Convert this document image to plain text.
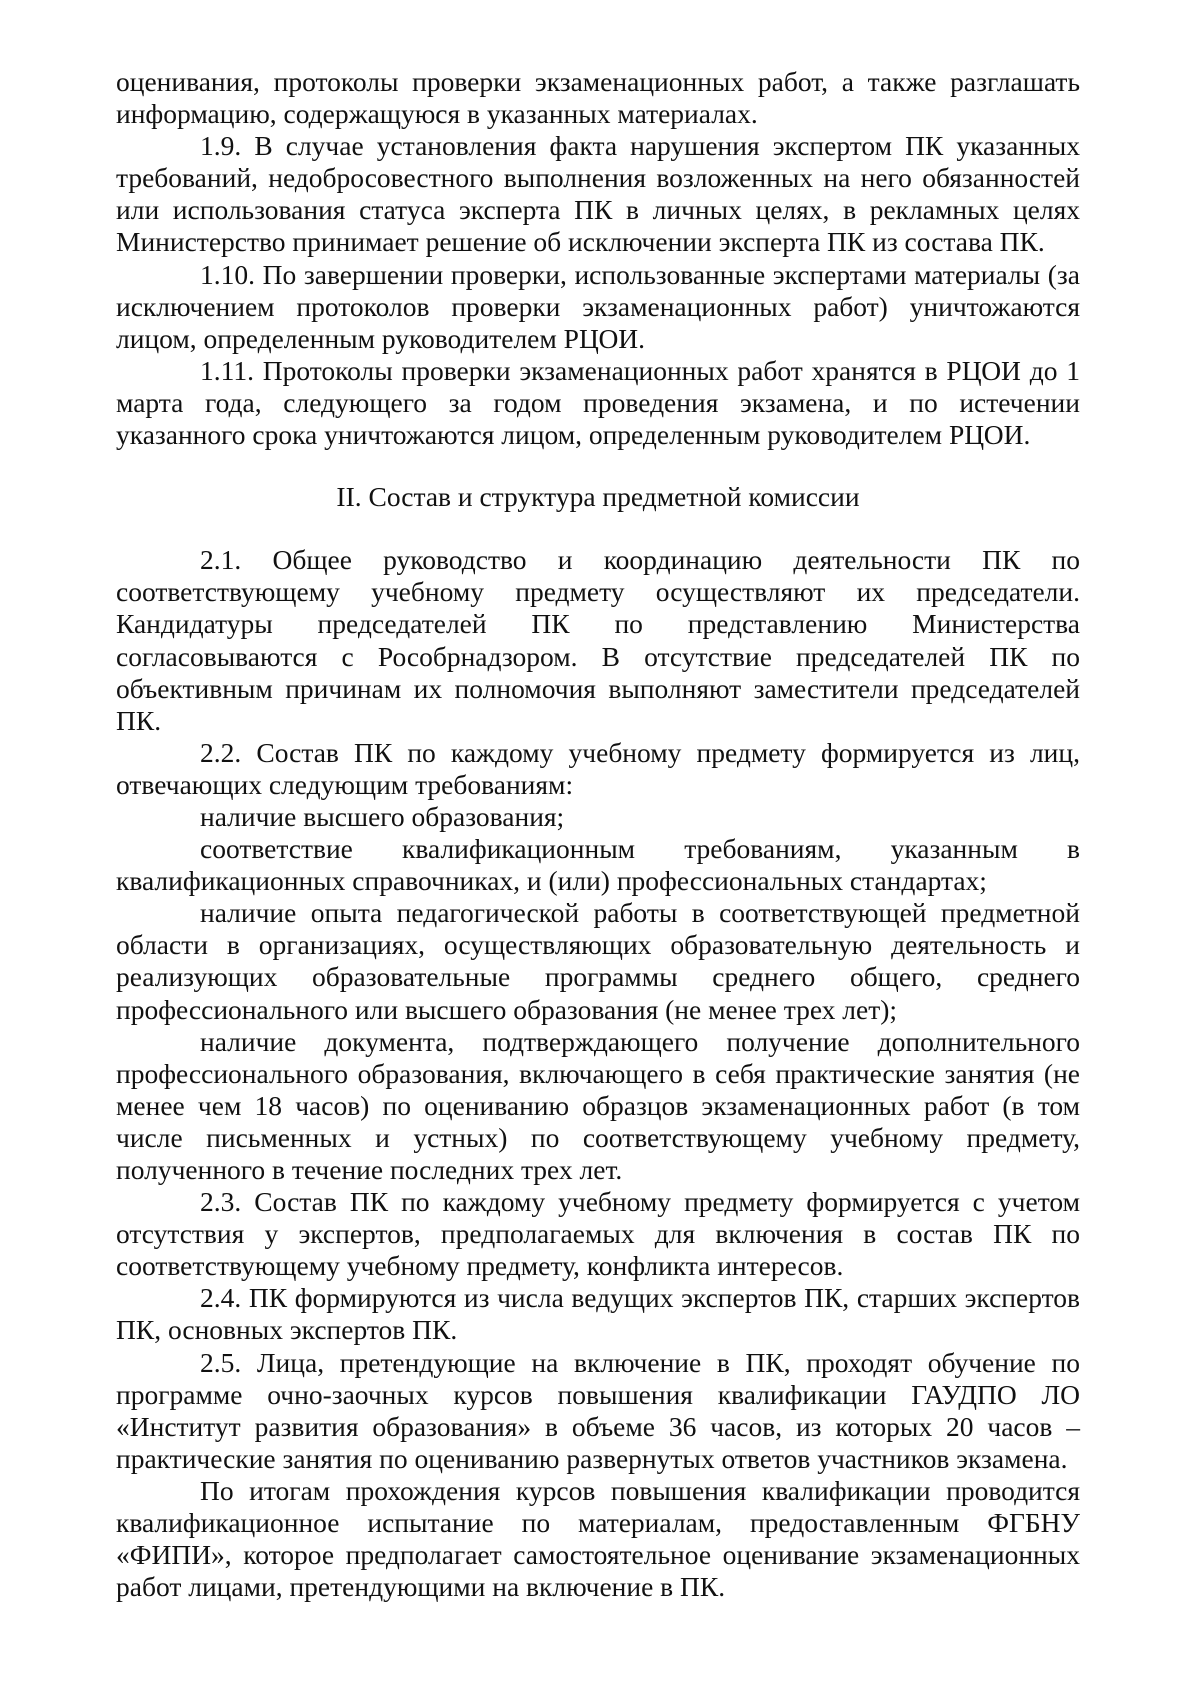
оценивания, протоколы проверки экзаменационных работ, а также разглашать информацию, содержащуюся в указанных материалах.

1.9. В случае установления факта нарушения экспертом ПК указанных требований, недобросовестного выполнения возложенных на него обязанностей или использования статуса эксперта ПК в личных целях, в рекламных целях Министерство принимает решение об исключении эксперта ПК из состава ПК.

1.10. По завершении проверки, использованные экспертами материалы (за исключением протоколов проверки экзаменационных работ) уничтожаются лицом, определенным руководителем РЦОИ.

1.11. Протоколы проверки экзаменационных работ хранятся в РЦОИ до 1 марта года, следующего за годом проведения экзамена, и по истечении указанного срока уничтожаются лицом, определенным руководителем РЦОИ.

II. Состав и структура предметной комиссии

2.1. Общее руководство и координацию деятельности ПК по соответствующему учебному предмету осуществляют их председатели. Кандидатуры председателей ПК по представлению Министерства согласовываются с Рособрнадзором. В отсутствие председателей ПК по объективным причинам их полномочия выполняют заместители председателей ПК.

2.2. Состав ПК по каждому учебному предмету формируется из лиц, отвечающих следующим требованиям:

наличие высшего образования;

соответствие квалификационным требованиям, указанным в квалификационных справочниках, и (или) профессиональных стандартах;

наличие опыта педагогической работы в соответствующей предметной области в организациях, осуществляющих образовательную деятельность и реализующих образовательные программы среднего общего, среднего профессионального или высшего образования (не менее трех лет);

наличие документа, подтверждающего получение дополнительного профессионального образования, включающего в себя практические занятия (не менее чем 18 часов) по оцениванию образцов экзаменационных работ (в том числе письменных и устных) по соответствующему учебному предмету, полученного в течение последних трех лет.

2.3. Состав ПК по каждому учебному предмету формируется с учетом отсутствия у экспертов, предполагаемых для включения в состав ПК по соответствующему учебному предмету, конфликта интересов.

2.4. ПК формируются из числа ведущих экспертов ПК, старших экспертов ПК, основных экспертов ПК.

2.5. Лица, претендующие на включение в ПК, проходят обучение по программе очно-заочных курсов повышения квалификации ГАУДПО ЛО «Институт развития образования» в объеме 36 часов, из которых 20 часов – практические занятия по оцениванию развернутых ответов участников экзамена.

По итогам прохождения курсов повышения квалификации проводится квалификационное испытание по материалам, предоставленным ФГБНУ «ФИПИ», которое предполагает самостоятельное оценивание экзаменационных работ лицами, претендующими на включение в ПК.
